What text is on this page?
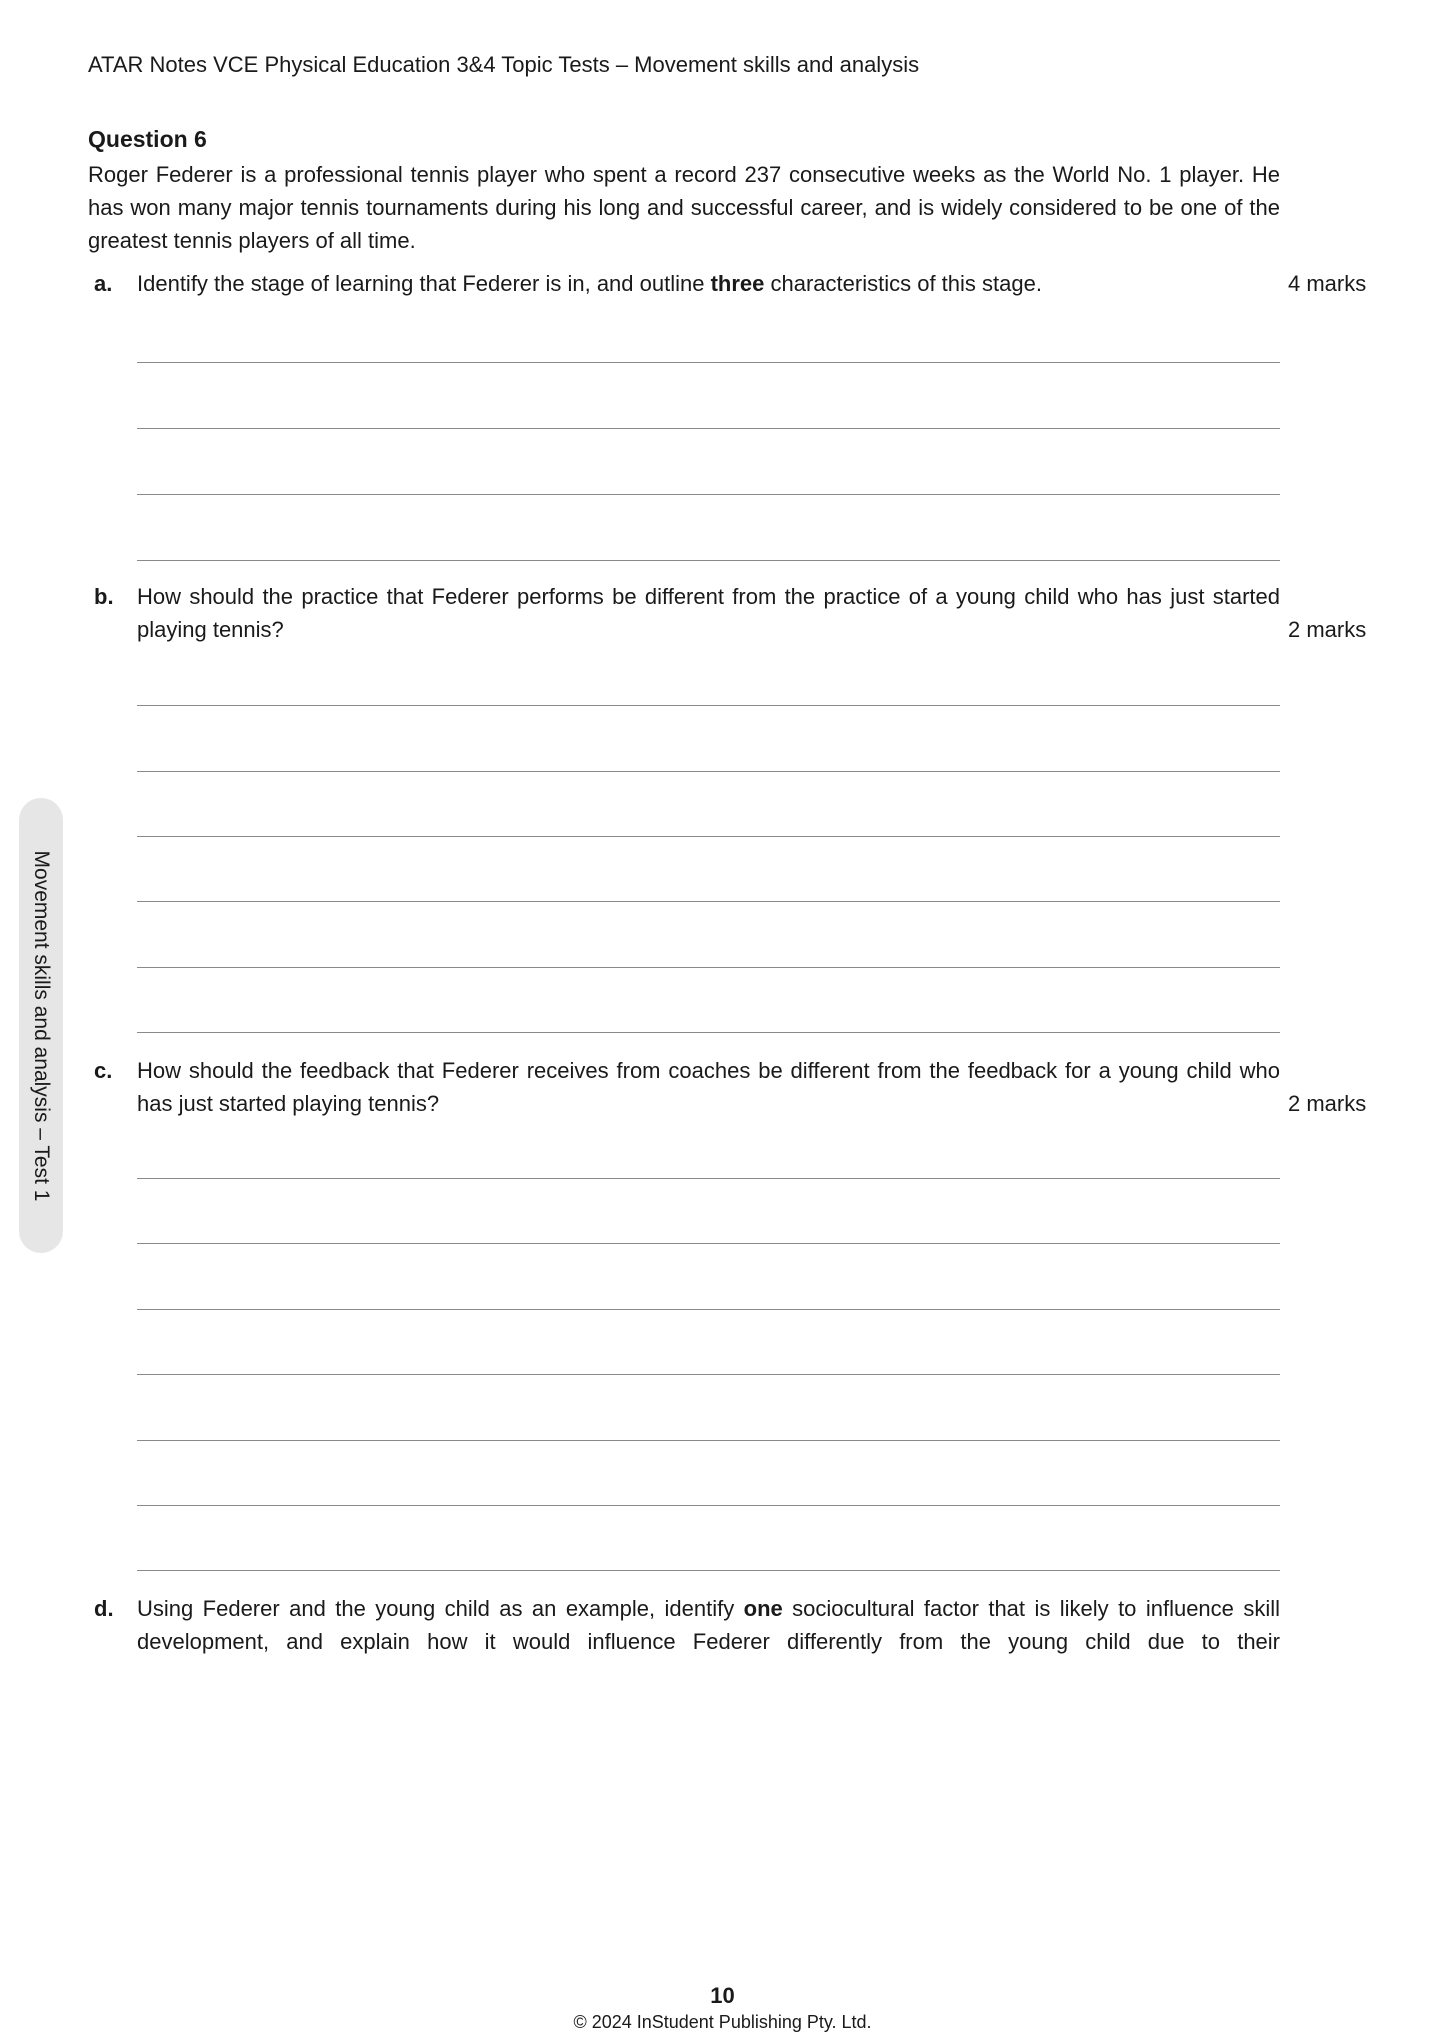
ATAR Notes VCE Physical Education 3&4 Topic Tests – Movement skills and analysis
Question 6

Roger Federer is a professional tennis player who spent a record 237 consecutive weeks as the World No. 1 player. He has won many major tennis tournaments during his long and successful career, and is widely considered to be one of the greatest tennis players of all time.

a.	Identify the stage of learning that Federer is in, and outline three characteristics of this stage.	4 marks
b.	How should the practice that Federer performs be different from the practice of a young child who has just started playing tennis?	2 marks
c.	How should the feedback that Federer receives from coaches be different from the feedback for a young child who has just started playing tennis?	2 marks
d.	Using Federer and the young child as an example, identify one sociocultural factor that is likely to influence skill development, and explain how it would influence Federer differently from the young child due to their
Movement skills and analysis – Test 1
10
© 2024 InStudent Publishing Pty. Ltd.
